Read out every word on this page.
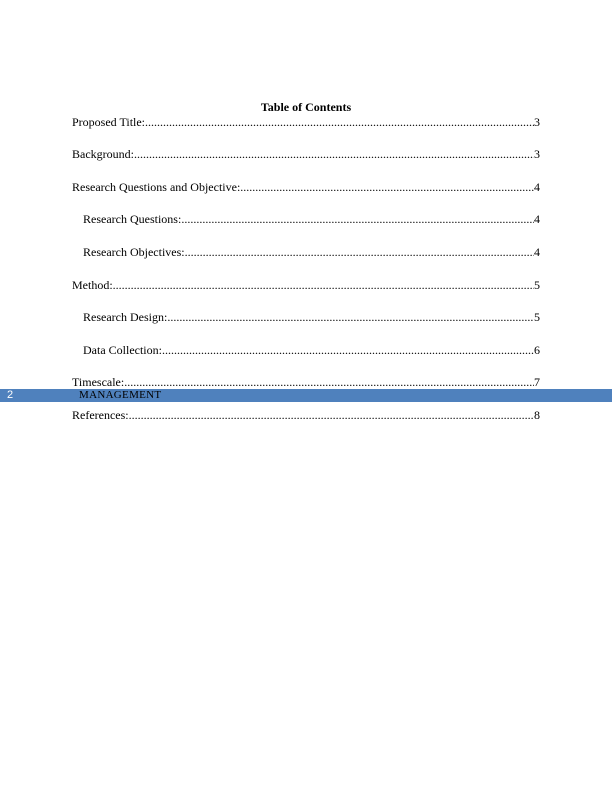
Table of Contents
Proposed Title: .....	3
Background: .....	3
Research Questions and Objective: .....	4
Research Questions: .....	4
Research Objectives: .....	4
Method: .....	5
Research Design: .....	5
Data Collection: .....	6
Timescale: .....	7
References: .....	8
2	MANAGEMENT
